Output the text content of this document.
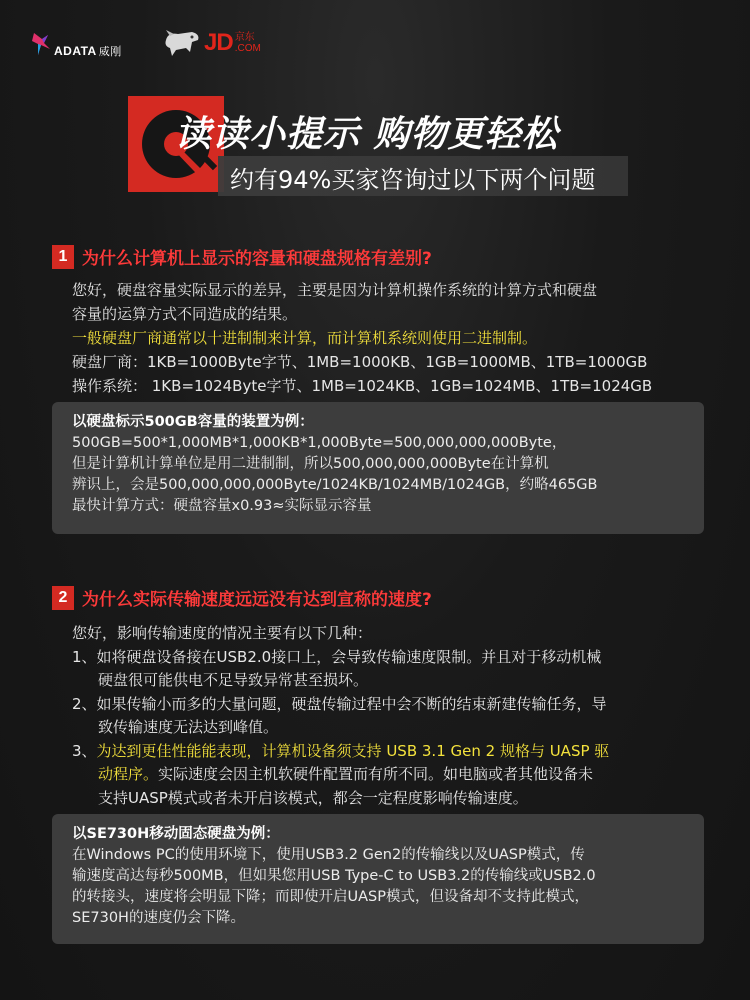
ADATA 威刚	JD 京东
.COM
读读小提示 购物更轻松
约有94%买家咨询过以下两个问题
1 为什么计算机上显示的容量和硬盘规格有差别?
您好，硬盘容量实际显示的差异，主要是因为计算机操作系统的计算方式和硬盘
容量的运算方式不同造成的结果。
一般硬盘厂商通常以十进制制来计算，而计算机系统则使用二进制制。
硬盘厂商：1KB=1000Byte字节、1MB=1000KB、1GB=1000MB、1TB=1000GB
操作系统： 1KB=1024Byte字节、1MB=1024KB、1GB=1024MB、1TB=1024GB
以硬盘标示500GB容量的装置为例：
500GB=500*1,000MB*1,000KB*1,000Byte=500,000,000,000Byte，
但是计算机计算单位是用二进制制，所以500,000,000,000Byte在计算机
辨识上，会是500,000,000,000Byte/1024KB/1024MB/1024GB，约略465GB
最快计算方式：硬盘容量x0.93≈实际显示容量
2 为什么实际传输速度远远没有达到宣称的速度?
您好，影响传输速度的情况主要有以下几种：
1、如将硬盘设备接在USB2.0接口上，会导致传输速度限制。并且对于移动机械
硬盘很可能供电不足导致异常甚至损坏。
2、如果传输小而多的大量问题，硬盘传输过程中会不断的结束新建传输任务，导
致传输速度无法达到峰值。
3、为达到更佳性能能表现，计算机设备须支持 USB 3.1 Gen 2 规格与 UASP 驱
动程序。实际速度会因主机软硬件配置而有所不同。如电脑或者其他设备未
支持UASP模式或者未开启该模式，都会一定程度影响传输速度。
以SE730H移动固态硬盘为例：
在Windows PC的使用环境下，使用USB3.2 Gen2的传输线以及UASP模式，传
输速度高达每秒500MB，但如果您用USB Type-C to USB3.2的传输线或USB2.0
的转接头，速度将会明显下降；而即使开启UASP模式，但设备却不支持此模式，
SE730H的速度仍会下降。
